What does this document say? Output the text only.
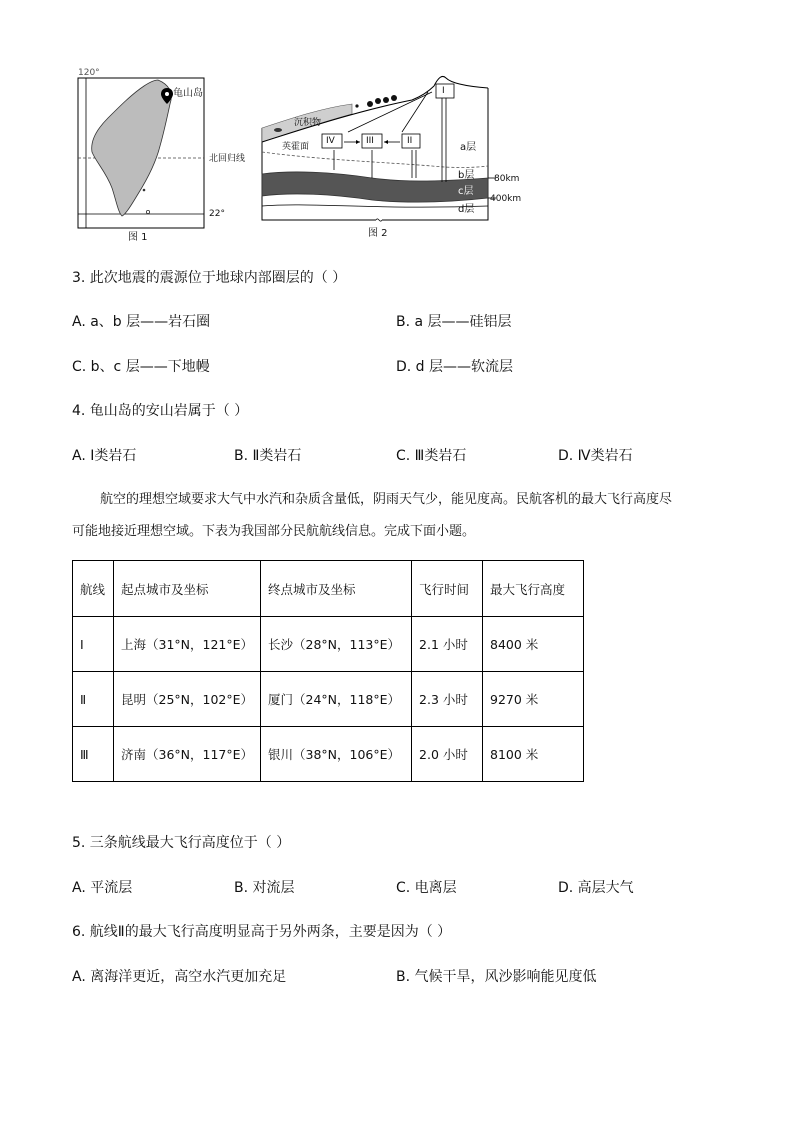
120°
龟山岛
北回归线
22°
图 1
I
II
III
IV
沉积物
英霍面	a层
b层
c层
d层
80km
400km
图 2
3. 此次地震的震源位于地球内部圈层的（ ）
A. a、b 层——岩石圈	B. a 层——硅铝层
C. b、c 层——下地幔	D. d 层——软流层
4. 龟山岛的安山岩属于（ ）
A. Ⅰ类岩石	B. Ⅱ类岩石	C. Ⅲ类岩石	D. Ⅳ类岩石
航空的理想空域要求大气中水汽和杂质含量低，阴雨天气少，能见度高。民航客机的最大飞行高度尽
可能地接近理想空域。下表为我国部分民航航线信息。完成下面小题。
航线	起点城市及坐标	终点城市及坐标	飞行时间	最大飞行高度
Ⅰ	上海（31°N，121°E）	长沙（28°N，113°E）	2.1 小时	8400 米
Ⅱ	昆明（25°N，102°E）	厦门（24°N，118°E）	2.3 小时	9270 米
Ⅲ	济南（36°N，117°E）	银川（38°N，106°E）	2.0 小时	8100 米
5. 三条航线最大飞行高度位于（ ）
A. 平流层	B. 对流层	C. 电离层	D. 高层大气
6. 航线Ⅱ的最大飞行高度明显高于另外两条，主要是因为（ ）
A. 离海洋更近，高空水汽更加充足	B. 气候干旱，风沙影响能见度低
